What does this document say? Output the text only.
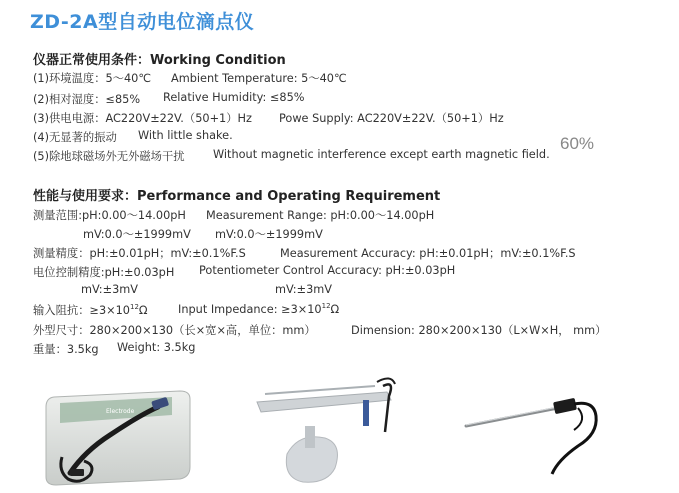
ZD-2A型自动电位滴点仪
60%
仪器正常使用条件：Working Condition
(1)环境温度：5～40℃ Ambient Temperature: 5～40℃
(2)相对湿度：≤85% Relative Humidity: ≤85%
(3)供电电源：AC220V±22V.（50+1）Hz Powe Supply: AC220V±22V.（50+1）Hz
(4)无显著的振动 With little shake.
(5)除地球磁场外无外磁场干扰	Without magnetic interference except earth magnetic field.
性能与使用要求：Performance and Operating Requirement
测量范围:pH:0.00～14.00pH Measurement Range: pH:0.00～14.00pH
mV:0.0～±1999mV mV:0.0～±1999mV
测量精度：pH:±0.01pH；mV:±0.1%F.S	Measurement Accuracy: pH:±0.01pH；mV:±0.1%F.S
电位控制精度:pH:±0.03pH Potentiometer Control Accuracy: pH:±0.03pH
mV:±3mV	mV:±3mV
输入阻抗：$\ge 3\times 10^{12}\Omega$	Input Impedance: $\ge 3\times 10^{12}\Omega$
外型尺寸：280×200×130（长×宽×高，单位：mm）	Dimension: 280×200×130（L×W×H， mm）
重量：3.5kg Weight: 3.5kg
Electrode
